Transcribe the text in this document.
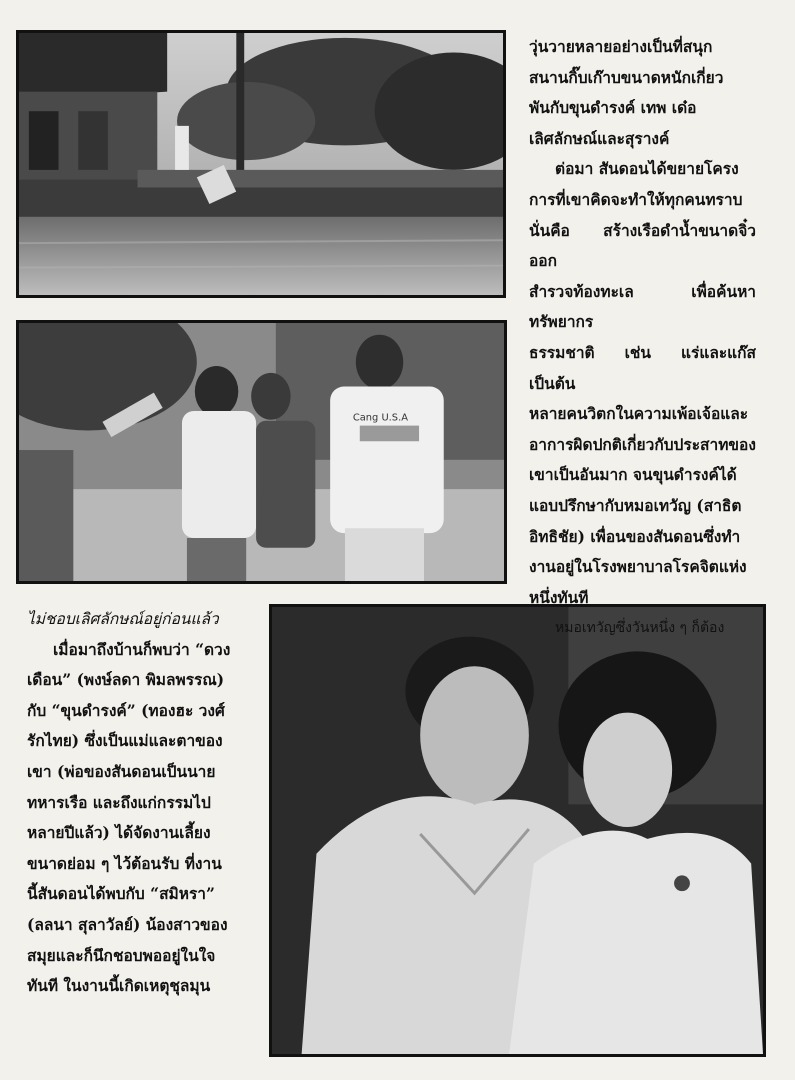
Cang U.S.A

วุ่นวายหลายอย่างเป็นที่สนุก

สนานกิ๊บเก๊าบขนาดหนักเกี่ยว

พันกับขุนดำรงค์ เทพ เด๋อ

เลิศลักษณ์และสุรางค์

ต่อมา สันดอนได้ขยายโครง

การที่เขาคิดจะทำให้ทุกคนทราบ

นั่นคือ สร้างเรือดำน้ำขนาดจิ๋วออก

สำรวจท้องทะเล เพื่อค้นหาทรัพยากร

ธรรมชาติ เช่น แร่และแก๊ส เป็นต้น

หลายคนวิตกในความเพ้อเจ้อและ

อาการผิดปกติเกี่ยวกับประสาทของ

เขาเป็นอันมาก จนขุนดำรงค์ได้

แอบปรึกษากับหมอเทวัญ (สาธิต

อิทธิชัย) เพื่อนของสันดอนซึ่งทำ

งานอยู่ในโรงพยาบาลโรคจิตแห่ง

หนึ่งทันที

หมอเทวัญซึ่งวันหนึ่ง ๆ ก็ต้อง

ไม่ชอบเลิศลักษณ์อยู่ก่อนแล้ว

เมื่อมาถึงบ้านก็พบว่า “ดวง

เดือน” (พงษ์ลดา พิมลพรรณ)

กับ “ขุนดำรงค์” (ทองฮะ วงศ์

รักไทย) ซึ่งเป็นแม่และตาของ

เขา (พ่อของสันดอนเป็นนาย

ทหารเรือ และถึงแก่กรรมไป

หลายปีแล้ว) ได้จัดงานเลี้ยง

ขนาดย่อม ๆ ไว้ต้อนรับ ที่งาน

นี้สันดอนได้พบกับ “สมิหรา”

(ลลนา สุลาวัลย์) น้องสาวของ

สมุยและก็นึกชอบพออยู่ในใจ

ทันที ในงานนี้เกิดเหตุชุลมุน
